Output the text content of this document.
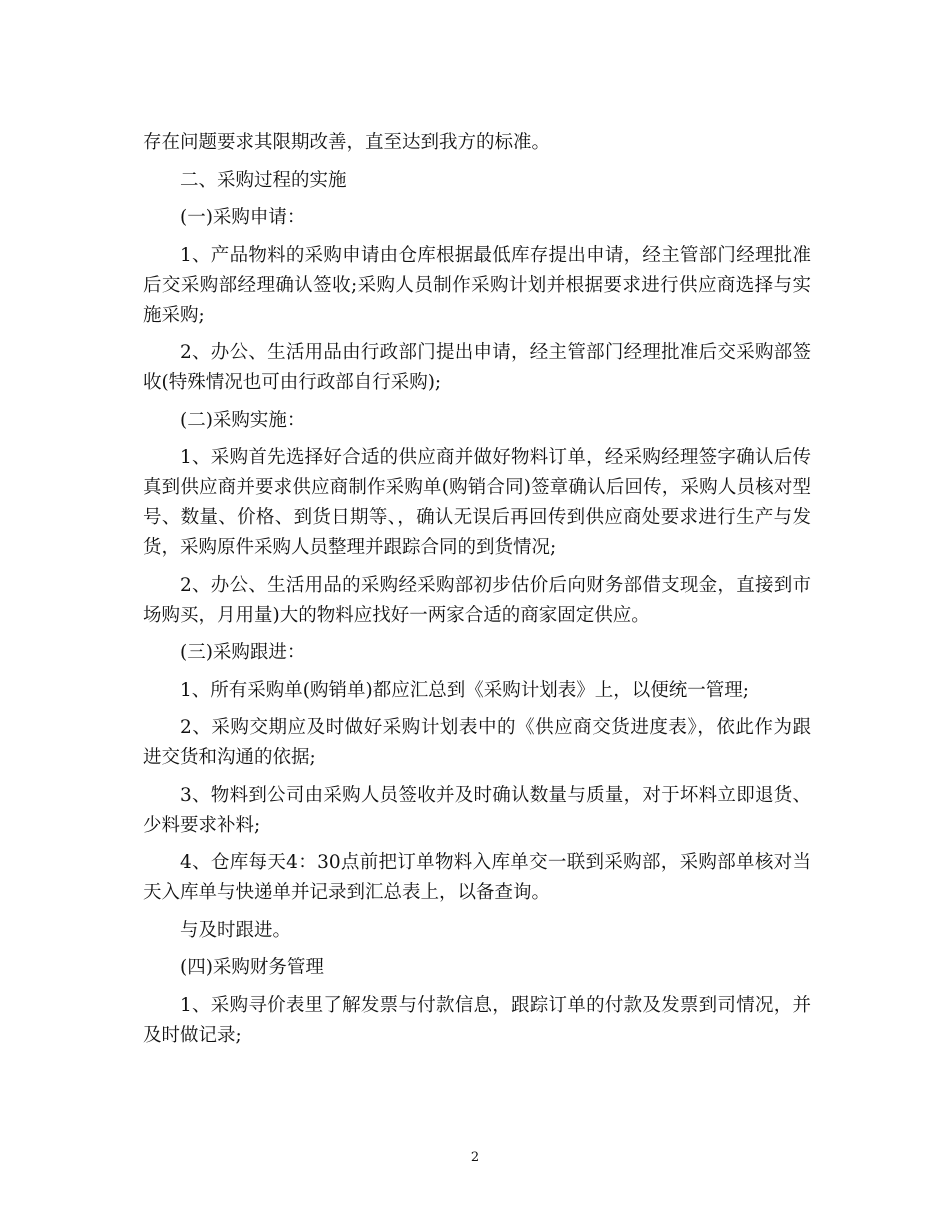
存在问题要求其限期改善，直至达到我方的标准。

二、采购过程的实施

(一)采购申请：

1、产品物料的采购申请由仓库根据最低库存提出申请，经主管部门经理批准后交采购部经理确认签收;采购人员制作采购计划并根据要求进行供应商选择与实施采购;

2、办公、生活用品由行政部门提出申请，经主管部门经理批准后交采购部签收(特殊情况也可由行政部自行采购);

(二)采购实施：

1、采购首先选择好合适的供应商并做好物料订单，经采购经理签字确认后传真到供应商并要求供应商制作采购单(购销合同)签章确认后回传，采购人员核对型号、数量、价格、到货日期等、，确认无误后再回传到供应商处要求进行生产与发货，采购原件采购人员整理并跟踪合同的到货情况;

2、办公、生活用品的采购经采购部初步估价后向财务部借支现金，直接到市场购买，月用量)大的物料应找好一两家合适的商家固定供应。

(三)采购跟进：

1、所有采购单(购销单)都应汇总到《采购计划表》上，以便统一管理;

2、采购交期应及时做好采购计划表中的《供应商交货进度表》，依此作为跟进交货和沟通的依据;

3、物料到公司由采购人员签收并及时确认数量与质量，对于坏料立即退货、少料要求补料;

4、仓库每天4：30点前把订单物料入库单交一联到采购部，采购部单核对当天入库单与快递单并记录到汇总表上，以备查询。

与及时跟进。

(四)采购财务管理

1、采购寻价表里了解发票与付款信息，跟踪订单的付款及发票到司情况，并及时做记录;

2
